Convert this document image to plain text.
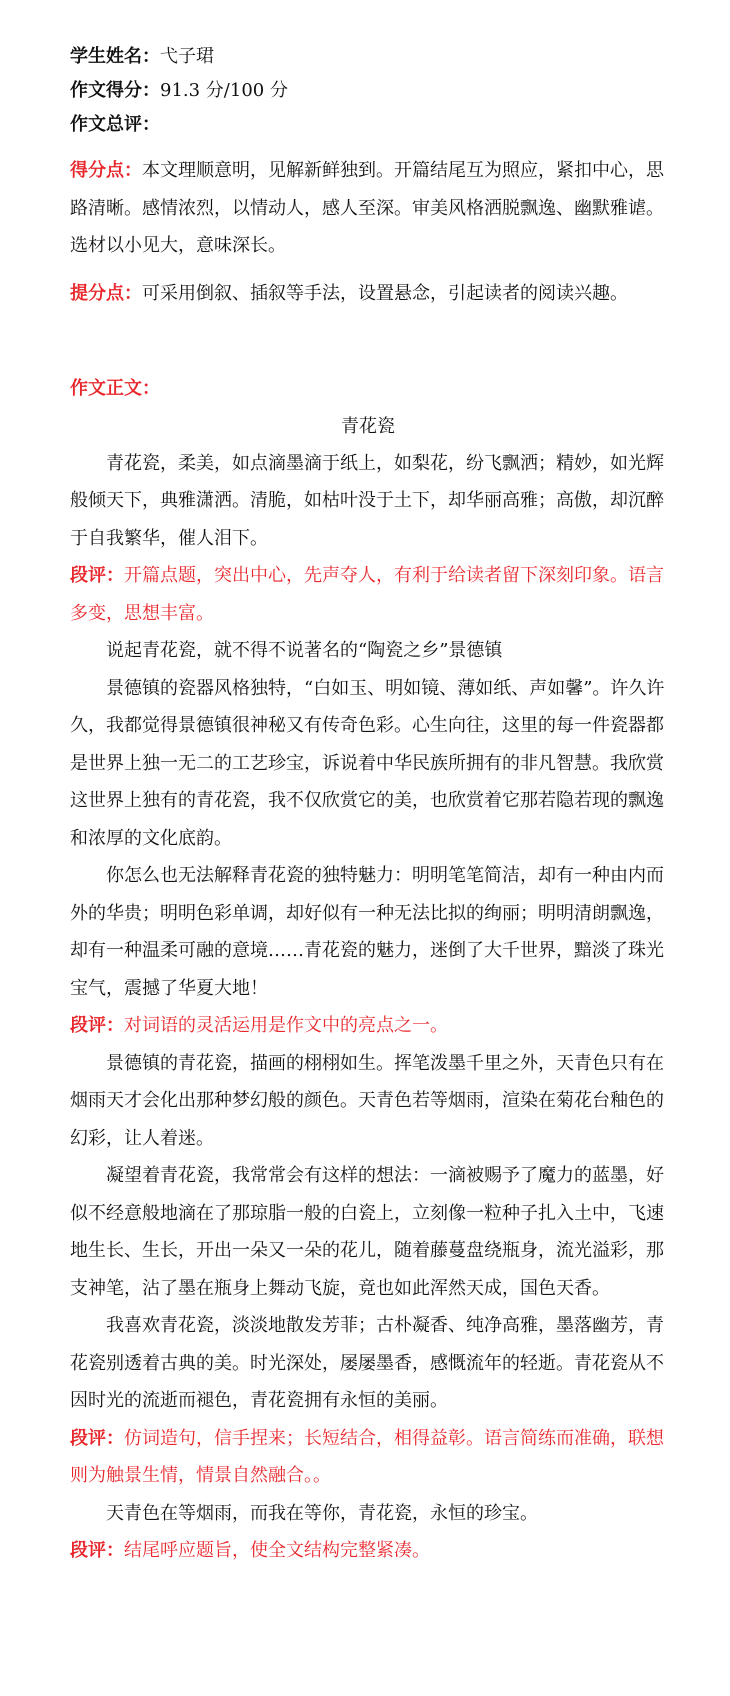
学生姓名：弋子珺
作文得分：91.3 分/100 分
作文总评：

得分点：本文理顺意明，见解新鲜独到。开篇结尾互为照应，紧扣中心，思路清晰。感情浓烈，以情动人，感人至深。审美风格洒脱飘逸、幽默雅谑。选材以小见大，意味深长。

提分点：可采用倒叙、插叙等手法，设置悬念，引起读者的阅读兴趣。

作文正文：

青花瓷

青花瓷，柔美，如点滴墨滴于纸上，如梨花，纷飞飘洒；精妙，如光辉般倾天下，典雅潇洒。清脆，如枯叶没于土下，却华丽高雅；高傲，却沉醉于自我繁华，催人泪下。

段评：开篇点题，突出中心，先声夺人，有利于给读者留下深刻印象。语言多变，思想丰富。

说起青花瓷，就不得不说著名的“陶瓷之乡”景德镇

景德镇的瓷器风格独特，“白如玉、明如镜、薄如纸、声如馨”。许久许久，我都觉得景德镇很神秘又有传奇色彩。心生向往，这里的每一件瓷器都是世界上独一无二的工艺珍宝，诉说着中华民族所拥有的非凡智慧。我欣赏这世界上独有的青花瓷，我不仅欣赏它的美，也欣赏着它那若隐若现的飘逸和浓厚的文化底韵。

你怎么也无法解释青花瓷的独特魅力：明明笔笔简洁，却有一种由内而外的华贵；明明色彩单调，却好似有一种无法比拟的绚丽；明明清朗飘逸，却有一种温柔可融的意境……青花瓷的魅力，迷倒了大千世界，黯淡了珠光宝气，震撼了华夏大地！

段评：对词语的灵活运用是作文中的亮点之一。

景德镇的青花瓷，描画的栩栩如生。挥笔泼墨千里之外，天青色只有在烟雨天才会化出那种梦幻般的颜色。天青色若等烟雨，渲染在菊花台釉色的幻彩，让人着迷。

凝望着青花瓷，我常常会有这样的想法：一滴被赐予了魔力的蓝墨，好似不经意般地滴在了那琼脂一般的白瓷上，立刻像一粒种子扎入土中，飞速地生长、生长，开出一朵又一朵的花儿，随着藤蔓盘绕瓶身，流光溢彩，那支神笔，沾了墨在瓶身上舞动飞旋，竟也如此浑然天成，国色天香。

我喜欢青花瓷，淡淡地散发芳菲；古朴凝香、纯净高雅，墨落幽芳，青花瓷别透着古典的美。时光深处，屡屡墨香，感慨流年的轻逝。青花瓷从不因时光的流逝而褪色，青花瓷拥有永恒的美丽。

段评：仿词造句，信手捏来；长短结合，相得益彰。语言简练而准确，联想则为触景生情，情景自然融合。。

天青色在等烟雨，而我在等你，青花瓷，永恒的珍宝。

段评：结尾呼应题旨，使全文结构完整紧凑。
